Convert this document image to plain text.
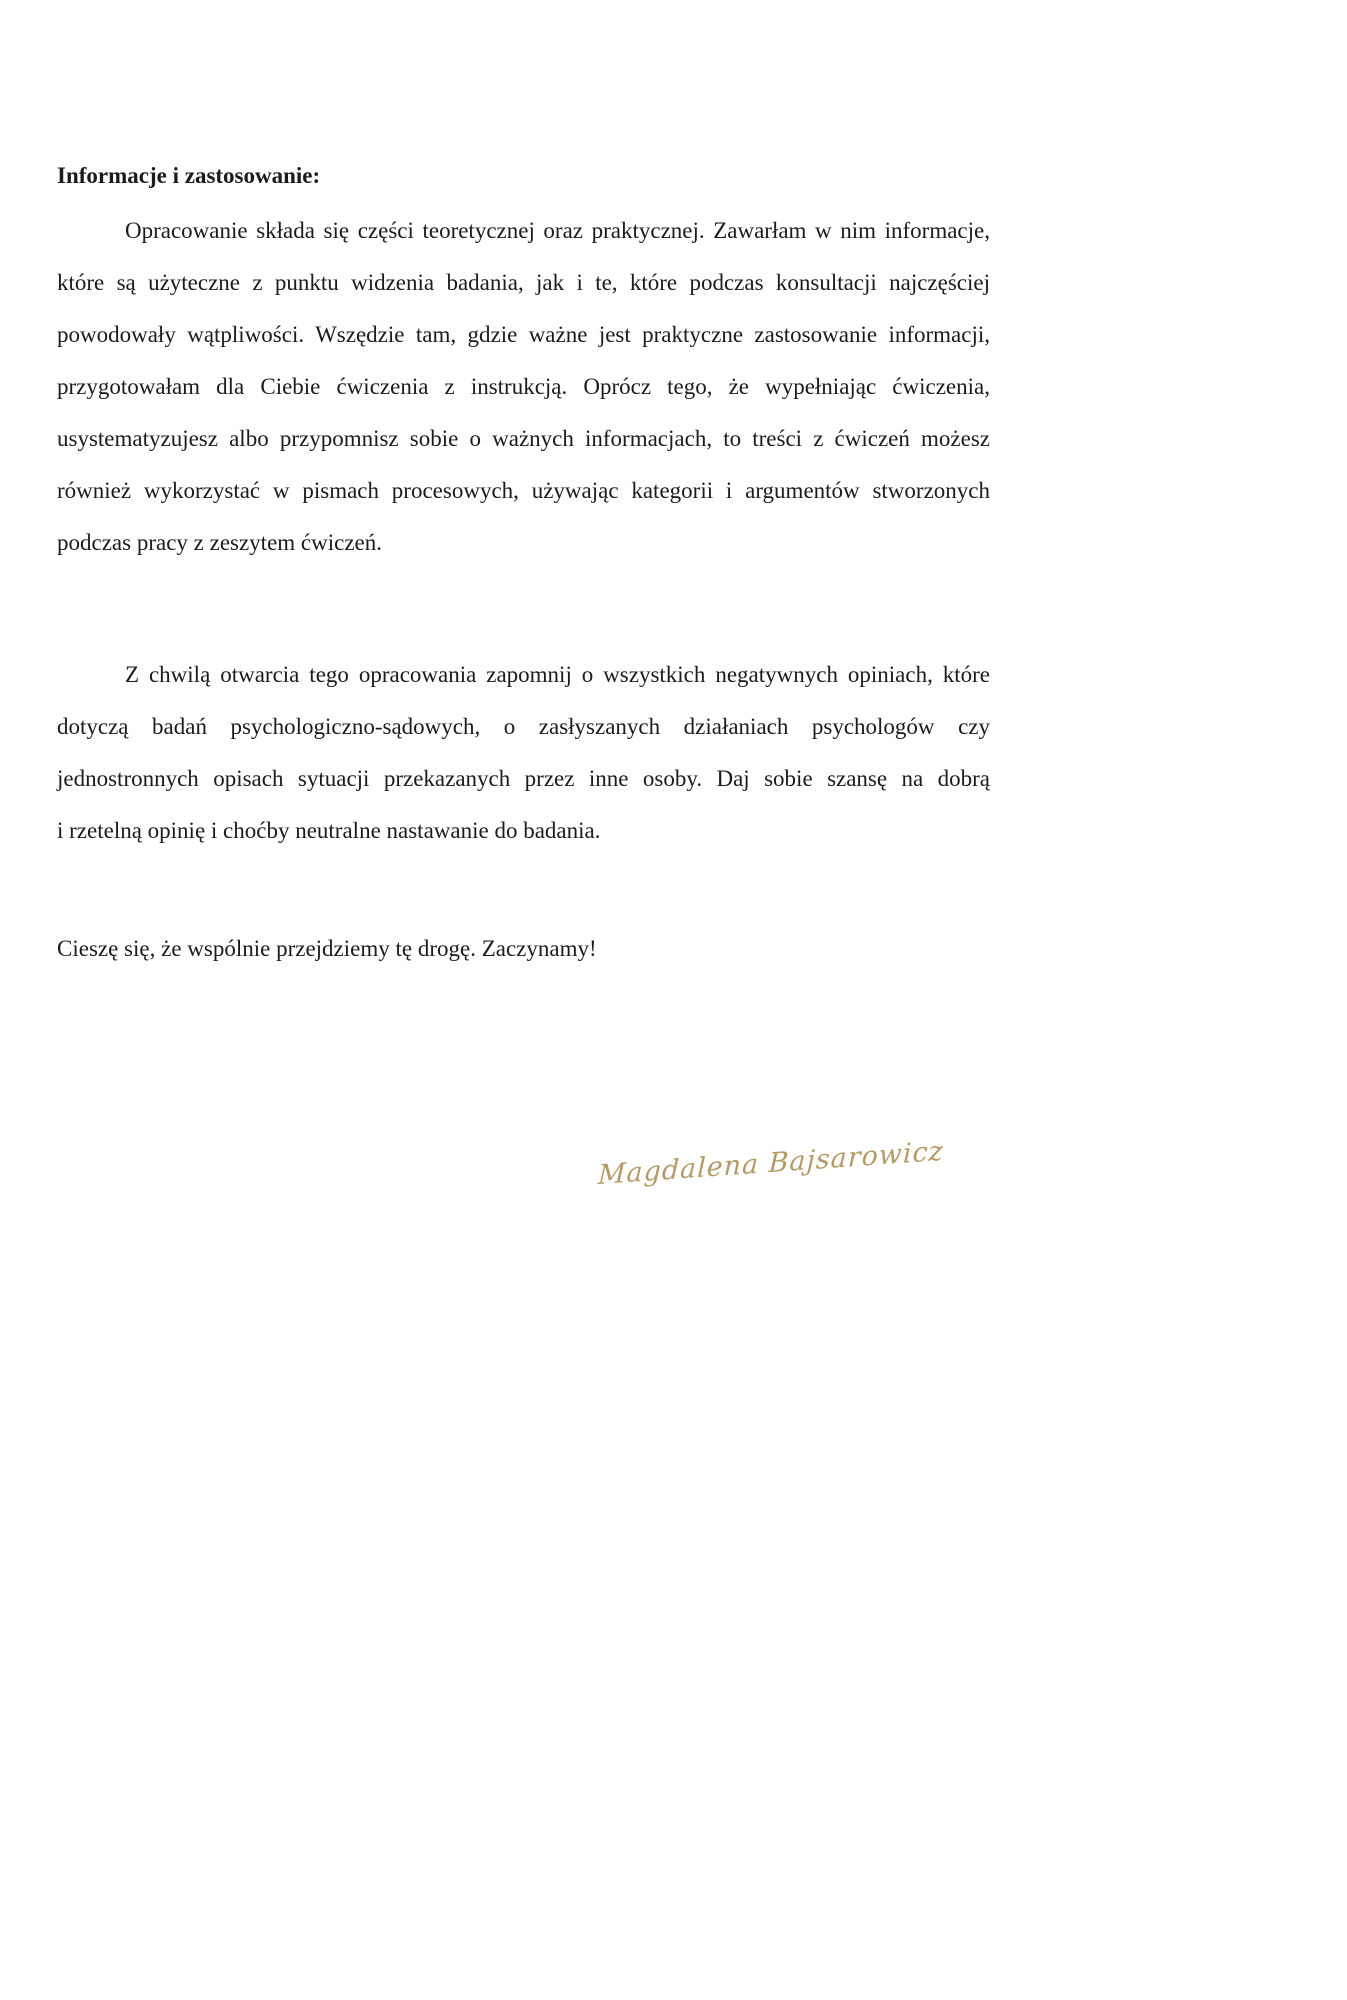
Informacje i zastosowanie:
Opracowanie składa się części teoretycznej oraz praktycznej. Zawarłam w nim informacje,
które są użyteczne z punktu widzenia badania, jak i te, które podczas konsultacji najczęściej
powodowały wątpliwości. Wszędzie tam, gdzie ważne jest praktyczne zastosowanie informacji,
przygotowałam dla Ciebie ćwiczenia z instrukcją. Oprócz tego, że wypełniając ćwiczenia,
usystematyzujesz albo przypomnisz sobie o ważnych informacjach, to treści z ćwiczeń możesz
również wykorzystać w pismach procesowych, używając kategorii i argumentów stworzonych
podczas pracy z zeszytem ćwiczeń.
Z chwilą otwarcia tego opracowania zapomnij o wszystkich negatywnych opiniach, które
dotyczą badań psychologiczno-sądowych, o zasłyszanych działaniach psychologów czy
jednostronnych opisach sytuacji przekazanych przez inne osoby. Daj sobie szansę na dobrą
i rzetelną opinię i choćby neutralne nastawanie do badania.
Cieszę się, że wspólnie przejdziemy tę drogę. Zaczynamy!
Magdalena Bajsarowicz
